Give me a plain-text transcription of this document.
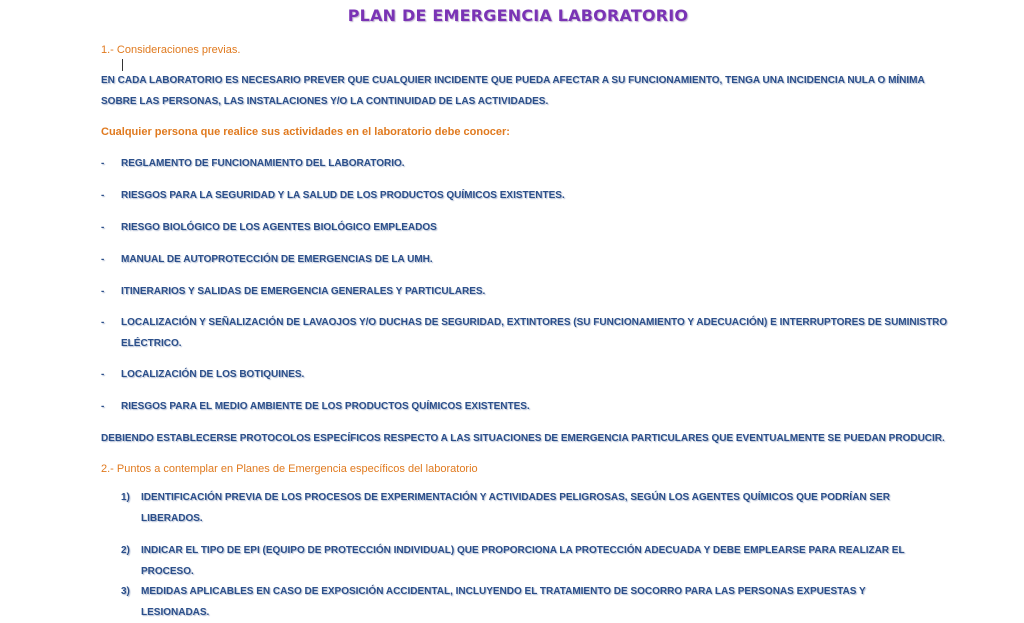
PLAN DE EMERGENCIA LABORATORIO
1.- Consideraciones previas.
EN CADA LABORATORIO ES NECESARIO PREVER QUE CUALQUIER INCIDENTE QUE PUEDA AFECTAR A SU FUNCIONAMIENTO, TENGA UNA INCIDENCIA NULA O MÍNIMA SOBRE LAS PERSONAS, LAS INSTALACIONES Y/O LA CONTINUIDAD DE LAS ACTIVIDADES.
Cualquier persona que realice sus actividades en el laboratorio debe conocer:
- REGLAMENTO DE FUNCIONAMIENTO DEL LABORATORIO.
- RIESGOS PARA LA SEGURIDAD Y LA SALUD DE LOS PRODUCTOS QUÍMICOS EXISTENTES.
- RIESGO BIOLÓGICO DE LOS AGENTES BIOLÓGICO EMPLEADOS
- MANUAL DE AUTOPROTECCIÓN DE EMERGENCIAS DE LA UMH.
- ITINERARIOS Y SALIDAS DE EMERGENCIA GENERALES Y PARTICULARES.
- LOCALIZACIÓN Y SEÑALIZACIÓN DE LAVAOJOS Y/O DUCHAS DE SEGURIDAD, EXTINTORES (SU FUNCIONAMIENTO Y ADECUACIÓN) E INTERRUPTORES DE SUMINISTRO ELÉCTRICO.
- LOCALIZACIÓN DE LOS BOTIQUINES.
- RIESGOS PARA EL MEDIO AMBIENTE DE LOS PRODUCTOS QUÍMICOS EXISTENTES.
DEBIENDO ESTABLECERSE PROTOCOLOS ESPECÍFICOS RESPECTO A LAS SITUACIONES DE EMERGENCIA PARTICULARES QUE EVENTUALMENTE SE PUEDAN PRODUCIR.
2.- Puntos a contemplar en Planes de Emergencia específicos del laboratorio
1) IDENTIFICACIÓN PREVIA DE LOS PROCESOS DE EXPERIMENTACIÓN Y ACTIVIDADES PELIGROSAS, SEGÚN LOS AGENTES QUÍMICOS QUE PODRÍAN SER LIBERADOS.
2) INDICAR EL TIPO DE EPI (EQUIPO DE PROTECCIÓN INDIVIDUAL) QUE PROPORCIONA LA PROTECCIÓN ADECUADA Y DEBE EMPLEARSE PARA REALIZAR EL PROCESO.
3) MEDIDAS APLICABLES EN CASO DE EXPOSICIÓN ACCIDENTAL, INCLUYENDO EL TRATAMIENTO DE SOCORRO PARA LAS PERSONAS EXPUESTAS Y LESIONADAS.
